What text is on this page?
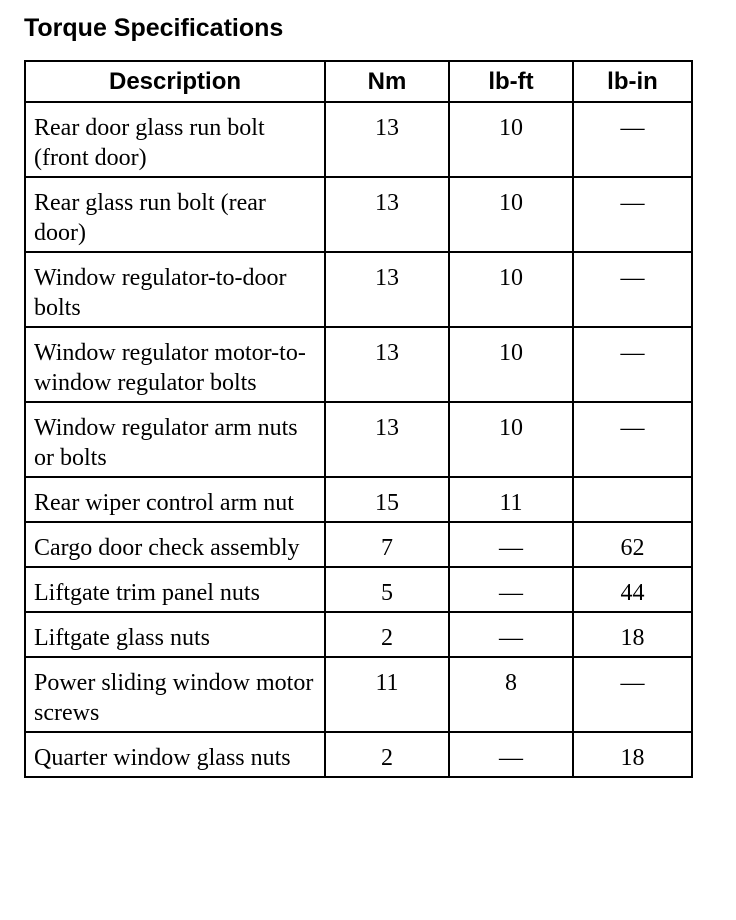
Torque Specifications
Description	Nm	lb-ft	lb-in
Rear door glass run bolt (front door)	13	10	—
Rear glass run bolt (rear door)	13	10	—
Window regulator-to-door bolts	13	10	—
Window regulator motor-to-window regulator bolts	13	10	—
Window regulator arm nuts or bolts	13	10	—
Rear wiper control arm nut	15	11	
Cargo door check assembly	7	—	62
Liftgate trim panel nuts	5	—	44
Liftgate glass nuts	2	—	18
Power sliding window motor screws	11	8	—
Quarter window glass nuts	2	—	18
